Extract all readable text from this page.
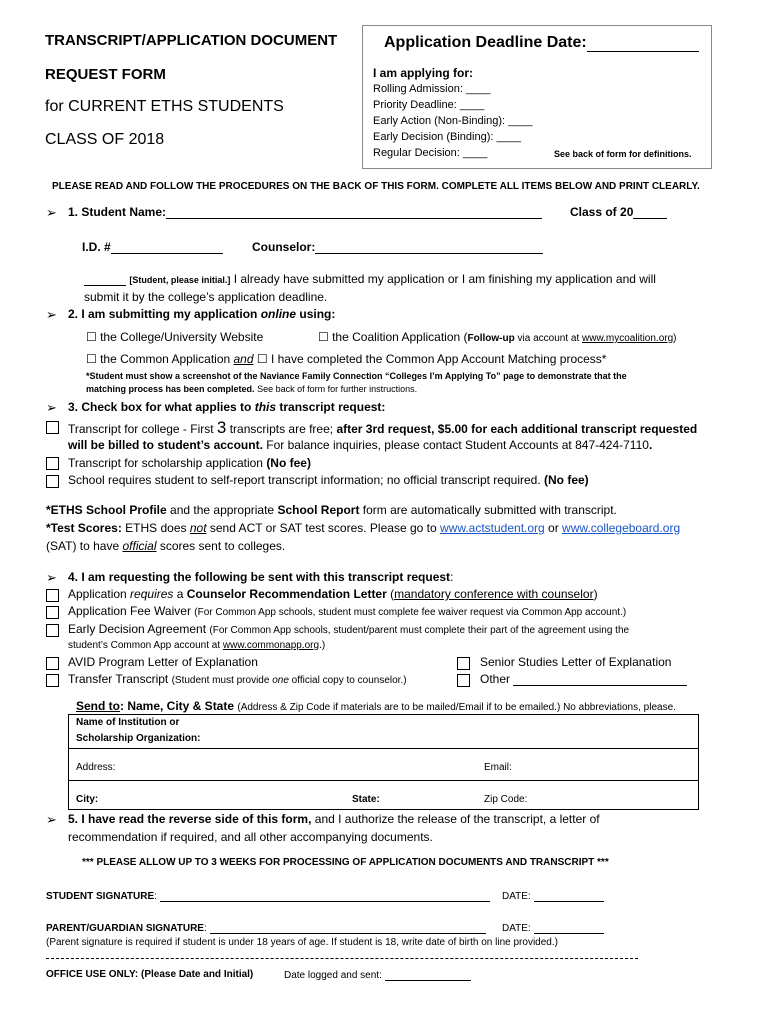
TRANSCRIPT/APPLICATION DOCUMENT
REQUEST FORM
for CURRENT ETHS STUDENTS
CLASS OF 2018
Application Deadline Date:
I am applying for:
Rolling Admission: ____
Priority Deadline: ____
Early Action (Non-Binding): ____
Early Decision (Binding): ____
Regular Decision: ____	See back of form for definitions.
PLEASE READ AND FOLLOW THE PROCEDURES ON THE BACK OF THIS FORM. COMPLETE ALL ITEMS BELOW AND PRINT CLEARLY.
➢ 1. Student Name:	Class of 20
I.D. #	Counselor:
[Student, please initial.] I already have submitted my application or I am finishing my application and will
submit it by the college’s application deadline.
➢ 2. I am submitting my application online using:
☐ the College/University Website	☐ the Coalition Application (Follow-up via account at www.mycoalition.org)
☐ the Common Application and ☐ I have completed the Common App Account Matching process*
*Student must show a screenshot of the Naviance Family Connection “Colleges I’m Applying To” page to demonstrate that the
matching process has been completed. See back of form for further instructions.
➢ 3. Check box for what applies to this transcript request:
Transcript for college - First 3 transcripts are free; after 3rd request, $5.00 for each additional transcript requested
will be billed to student’s account. For balance inquiries, please contact Student Accounts at 847-424-7110.
Transcript for scholarship application (No fee)
School requires student to self-report transcript information; no official transcript required. (No fee)
*ETHS School Profile and the appropriate School Report form are automatically submitted with transcript.
*Test Scores: ETHS does not send ACT or SAT test scores. Please go to www.actstudent.org or www.collegeboard.org
(SAT) to have official scores sent to colleges.
➢ 4. I am requesting the following be sent with this transcript request:
Application requires a Counselor Recommendation Letter (mandatory conference with counselor)
Application Fee Waiver (For Common App schools, student must complete fee waiver request via Common App account.)
Early Decision Agreement (For Common App schools, student/parent must complete their part of the agreement using the
student’s Common App account at www.commonapp.org.)
AVID Program Letter of Explanation	Senior Studies Letter of Explanation
Transfer Transcript (Student must provide one official copy to counselor.)	Other
Send to: Name, City & State (Address & Zip Code if materials are to be mailed/Email if to be emailed.) No abbreviations, please.
Name of Institution or
Scholarship Organization:
Address:	Email:
City:	State:	Zip Code:
➢ 5. I have read the reverse side of this form, and I authorize the release of the transcript, a letter of
recommendation if required, and all other accompanying documents.
*** PLEASE ALLOW UP TO 3 WEEKS FOR PROCESSING OF APPLICATION DOCUMENTS AND TRANSCRIPT ***
STUDENT SIGNATURE:	DATE:
PARENT/GUARDIAN SIGNATURE:	DATE:
(Parent signature is required if student is under 18 years of age. If student is 18, write date of birth on line provided.)
OFFICE USE ONLY: (Please Date and Initial)	Date logged and sent:
